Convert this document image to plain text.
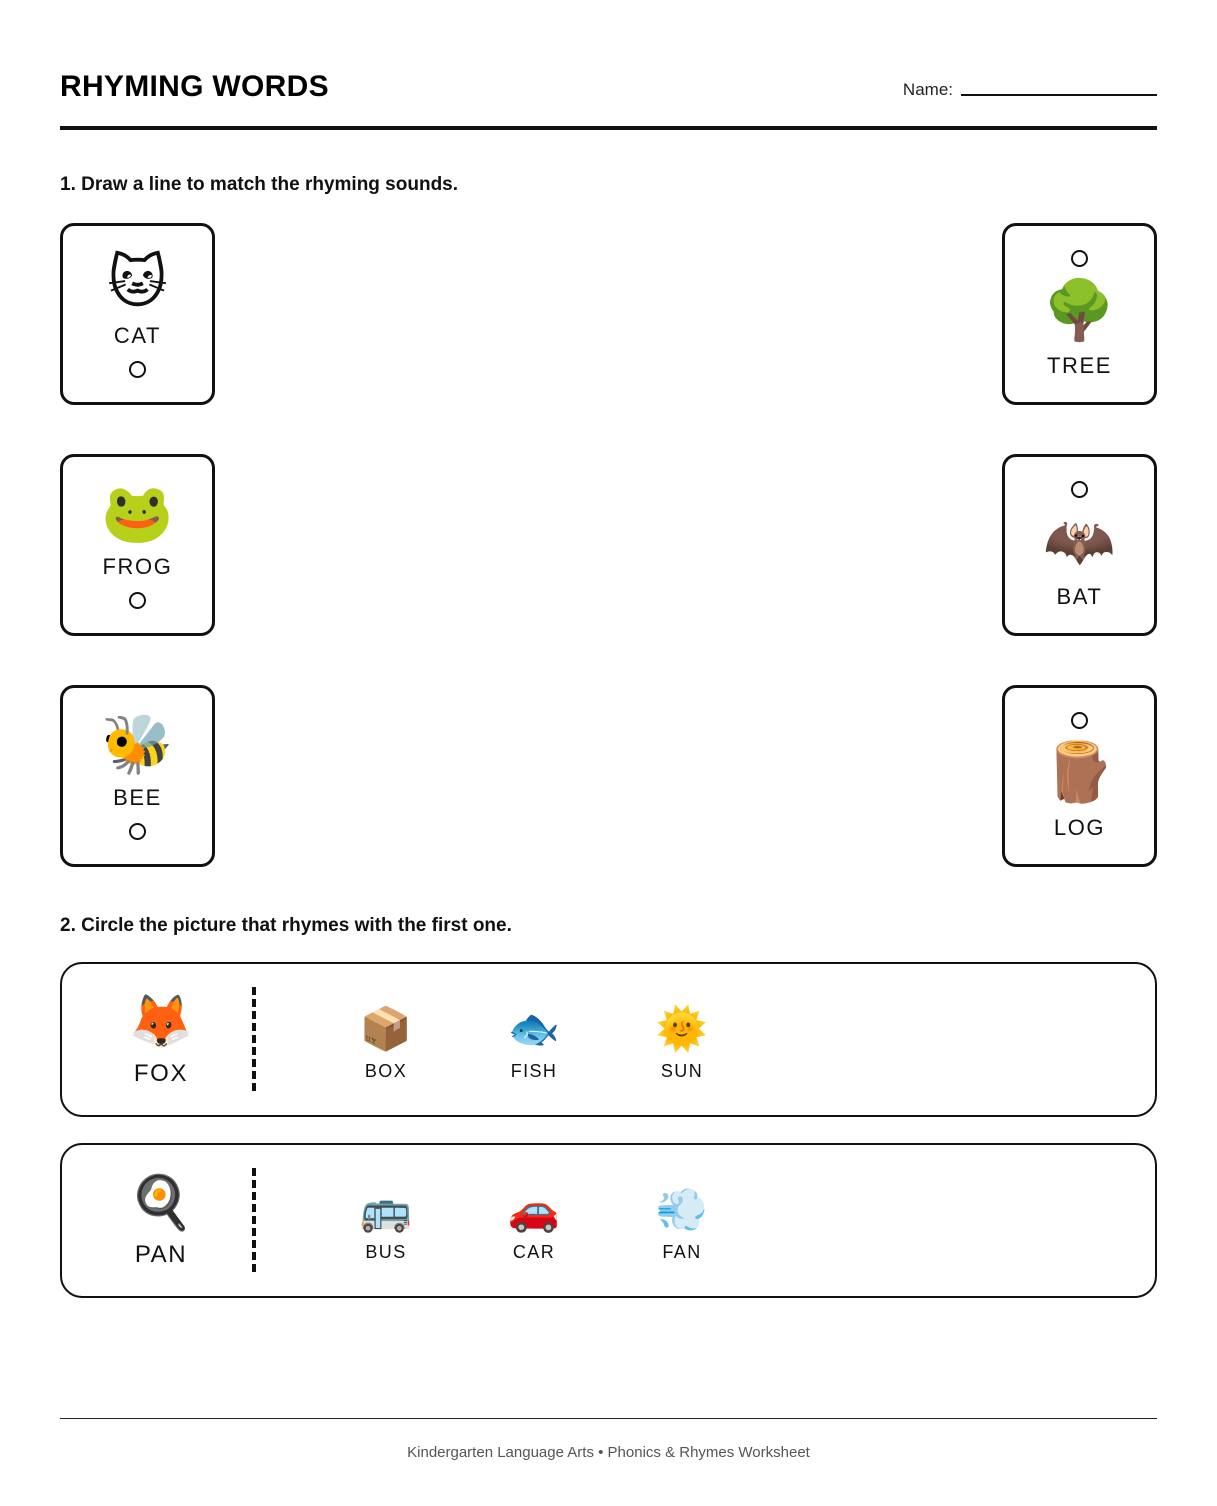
RHYMING WORDS	Name:
1. Draw a line to match the rhyming sounds.
🐱
CAT	🌳
TREE
🐸
FROG	🦇
BAT
🐝
BEE	🪵
LOG
2. Circle the picture that rhymes with the first one.
🦊
FOX
📦
BOX
🐟
FISH
🌞
SUN
🍳
PAN
🚌
BUS
🚗
CAR
💨
FAN
Kindergarten Language Arts • Phonics & Rhymes Worksheet
